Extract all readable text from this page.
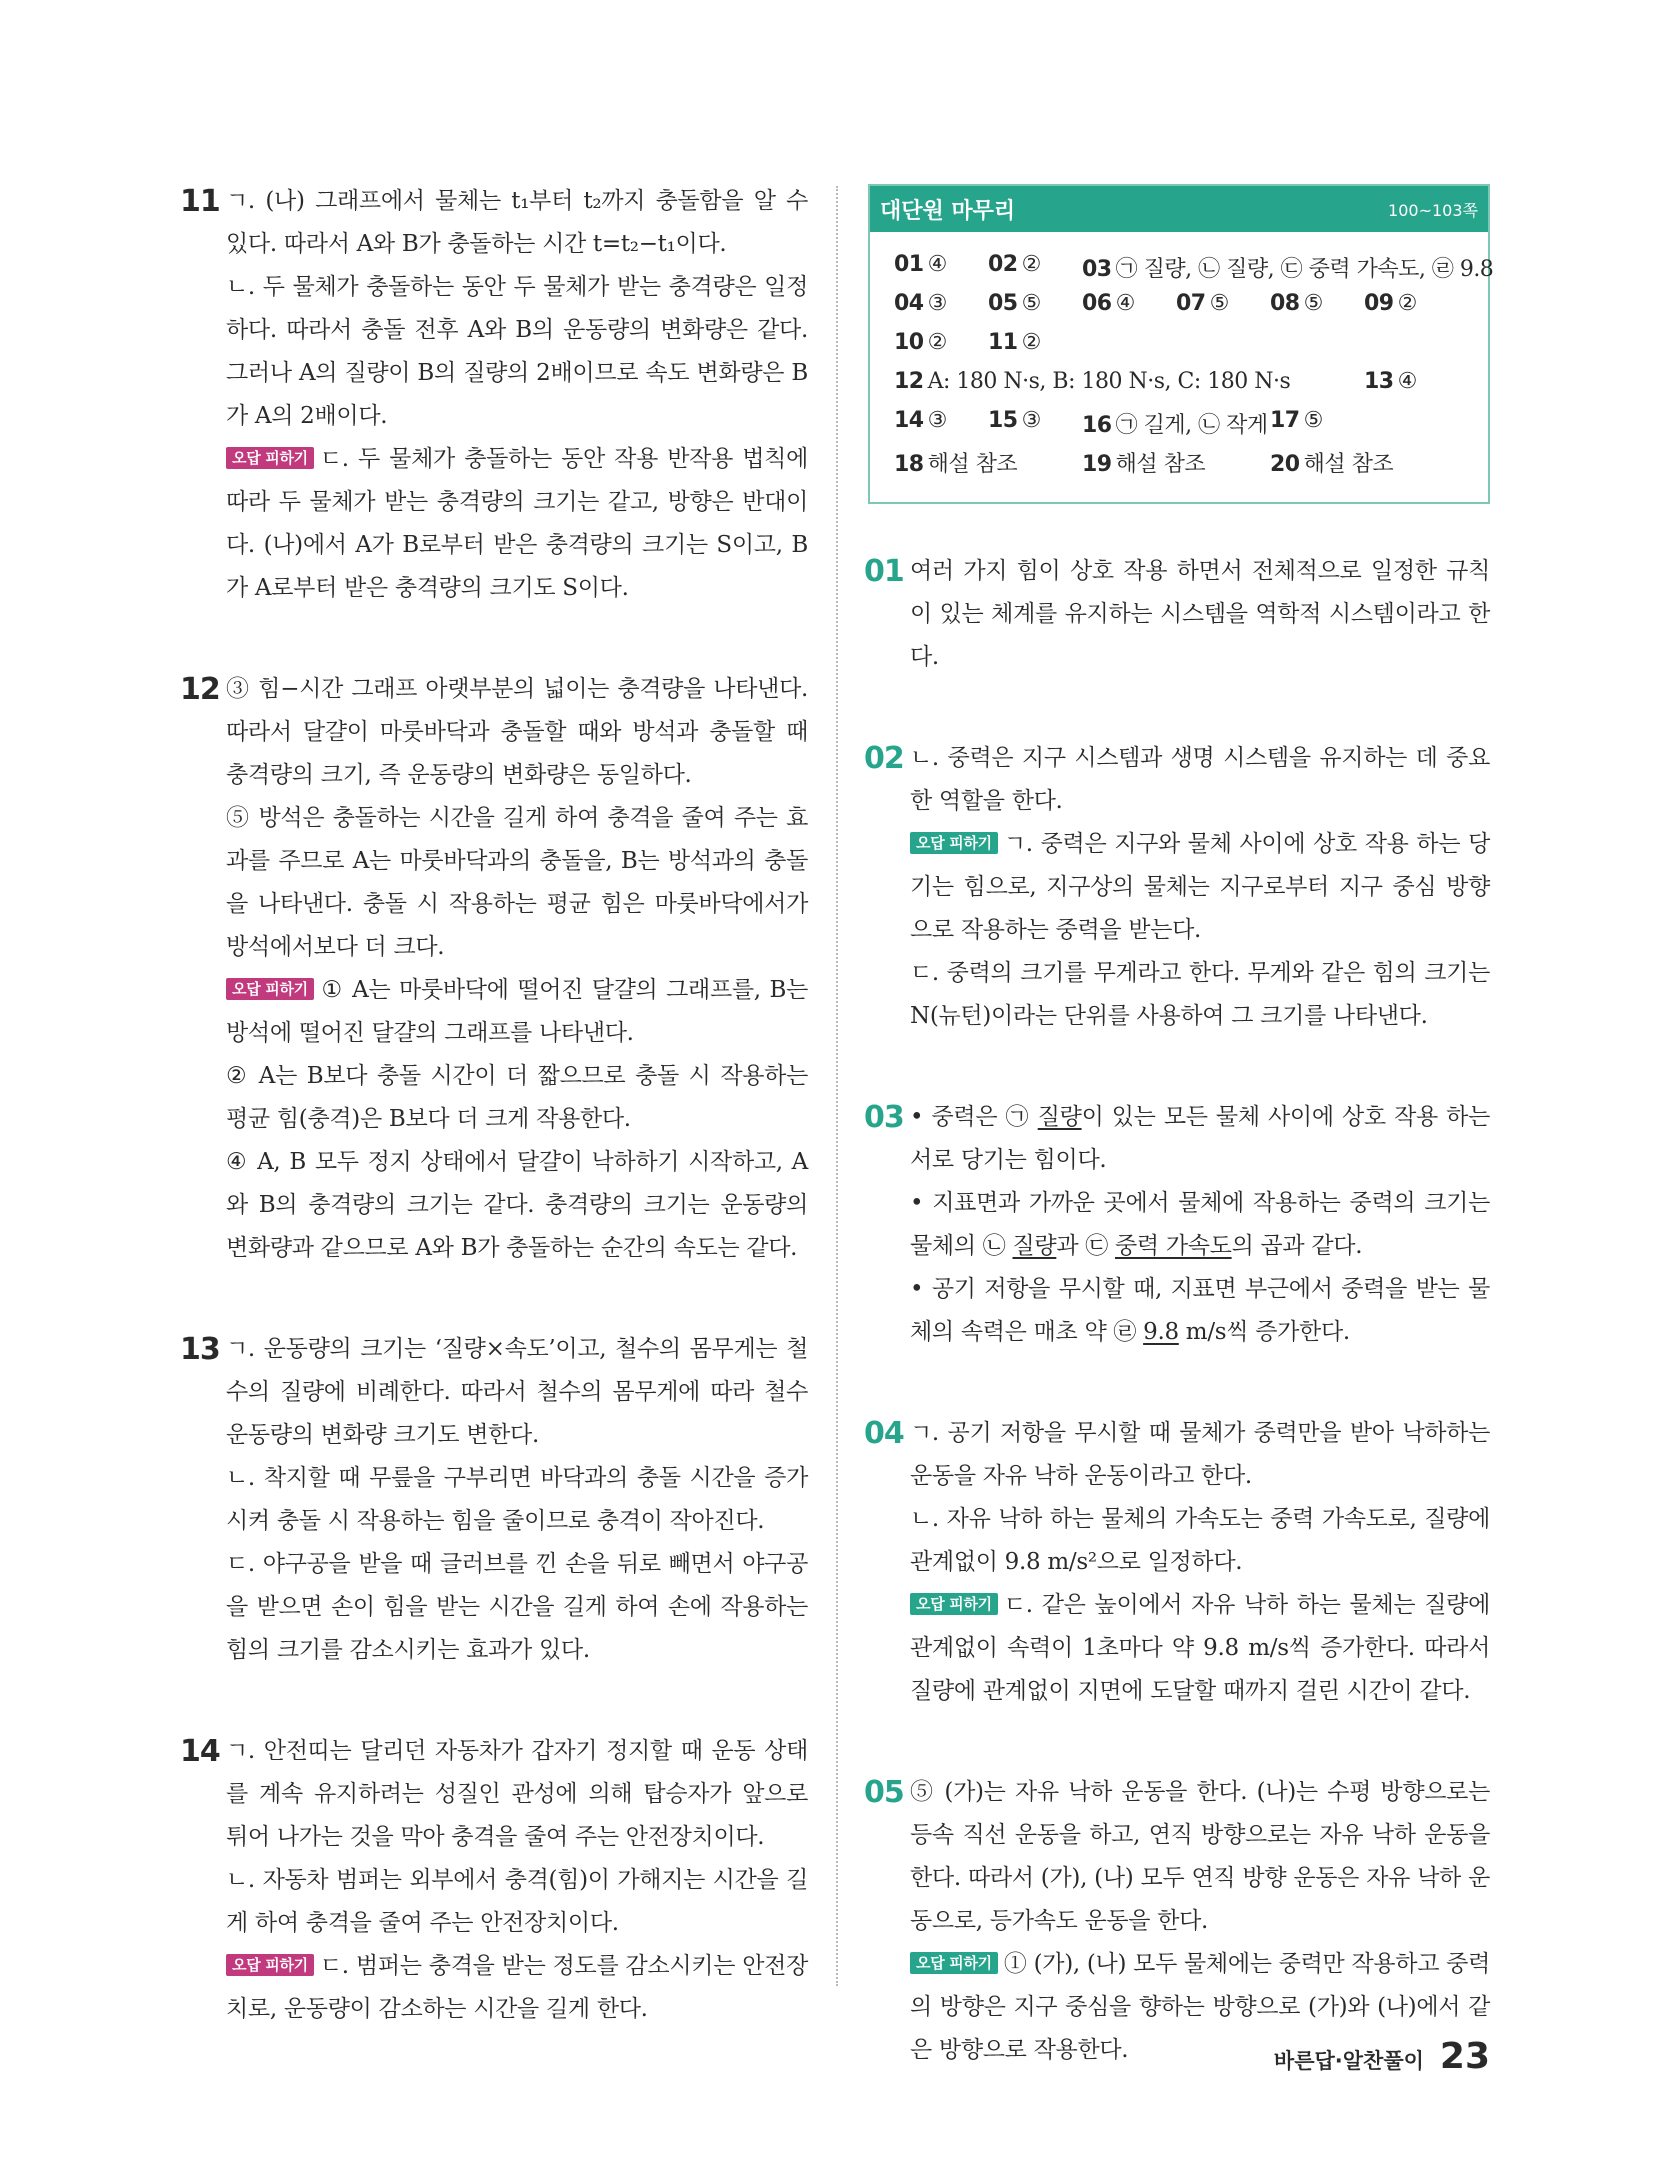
11 ㄱ. (나) 그래프에서 물체는 t₁부터 t₂까지 충돌함을 알 수 있다. 따라서 A와 B가 충돌하는 시간 t=t₂−t₁이다.

ㄴ. 두 물체가 충돌하는 동안 두 물체가 받는 충격량은 일정하다. 따라서 충돌 전후 A와 B의 운동량의 변화량은 같다. 그러나 A의 질량이 B의 질량의 2배이므로 속도 변화량은 B가 A의 2배이다.

오답 피하기 ㄷ. 두 물체가 충돌하는 동안 작용 반작용 법칙에 따라 두 물체가 받는 충격량의 크기는 같고, 방향은 반대이다. (나)에서 A가 B로부터 받은 충격량의 크기는 S이고, B가 A로부터 받은 충격량의 크기도 S이다.

12 ③ 힘−시간 그래프 아랫부분의 넓이는 충격량을 나타낸다. 따라서 달걀이 마룻바닥과 충돌할 때와 방석과 충돌할 때 충격량의 크기, 즉 운동량의 변화량은 동일하다.

⑤ 방석은 충돌하는 시간을 길게 하여 충격을 줄여 주는 효과를 주므로 A는 마룻바닥과의 충돌을, B는 방석과의 충돌을 나타낸다. 충돌 시 작용하는 평균 힘은 마룻바닥에서가 방석에서보다 더 크다.

오답 피하기 ① A는 마룻바닥에 떨어진 달걀의 그래프를, B는 방석에 떨어진 달걀의 그래프를 나타낸다.

② A는 B보다 충돌 시간이 더 짧으므로 충돌 시 작용하는 평균 힘(충격)은 B보다 더 크게 작용한다.

④ A, B 모두 정지 상태에서 달걀이 낙하하기 시작하고, A와 B의 충격량의 크기는 같다. 충격량의 크기는 운동량의 변화량과 같으므로 A와 B가 충돌하는 순간의 속도는 같다.

13 ㄱ. 운동량의 크기는 ‘질량×속도’이고, 철수의 몸무게는 철수의 질량에 비례한다. 따라서 철수의 몸무게에 따라 철수 운동량의 변화량 크기도 변한다.

ㄴ. 착지할 때 무릎을 구부리면 바닥과의 충돌 시간을 증가시켜 충돌 시 작용하는 힘을 줄이므로 충격이 작아진다.

ㄷ. 야구공을 받을 때 글러브를 낀 손을 뒤로 빼면서 야구공을 받으면 손이 힘을 받는 시간을 길게 하여 손에 작용하는 힘의 크기를 감소시키는 효과가 있다.

14 ㄱ. 안전띠는 달리던 자동차가 갑자기 정지할 때 운동 상태를 계속 유지하려는 성질인 관성에 의해 탑승자가 앞으로 튀어 나가는 것을 막아 충격을 줄여 주는 안전장치이다.

ㄴ. 자동차 범퍼는 외부에서 충격(힘)이 가해지는 시간을 길게 하여 충격을 줄여 주는 안전장치이다.

오답 피하기 ㄷ. 범퍼는 충격을 받는 정도를 감소시키는 안전장치로, 운동량이 감소하는 시간을 길게 한다.

대단원 마무리	100~103쪽
01 ④ 02 ② 03 ㉠ 질량, ㉡ 질량, ㉢ 중력 가속도, ㉣ 9.8
04 ③ 05 ⑤ 06 ④ 07 ⑤ 08 ⑤ 09 ②
10 ② 11 ②
12 A: 180 N·s, B: 180 N·s, C: 180 N·s	13 ④
14 ③ 15 ③ 16 ㉠ 길게, ㉡ 작게 17 ⑤
18 해설 참조	19 해설 참조	20 해설 참조
01 여러 가지 힘이 상호 작용 하면서 전체적으로 일정한 규칙이 있는 체계를 유지하는 시스템을 역학적 시스템이라고 한다.

02 ㄴ. 중력은 지구 시스템과 생명 시스템을 유지하는 데 중요한 역할을 한다.

오답 피하기 ㄱ. 중력은 지구와 물체 사이에 상호 작용 하는 당기는 힘으로, 지구상의 물체는 지구로부터 지구 중심 방향으로 작용하는 중력을 받는다.

ㄷ. 중력의 크기를 무게라고 한다. 무게와 같은 힘의 크기는 N(뉴턴)이라는 단위를 사용하여 그 크기를 나타낸다.

03 • 중력은 ㉠ 질량이 있는 모든 물체 사이에 상호 작용 하는 서로 당기는 힘이다.

• 지표면과 가까운 곳에서 물체에 작용하는 중력의 크기는 물체의 ㉡ 질량과 ㉢ 중력 가속도의 곱과 같다.

• 공기 저항을 무시할 때, 지표면 부근에서 중력을 받는 물체의 속력은 매초 약 ㉣ 9.8 m/s씩 증가한다.

04 ㄱ. 공기 저항을 무시할 때 물체가 중력만을 받아 낙하하는 운동을 자유 낙하 운동이라고 한다.

ㄴ. 자유 낙하 하는 물체의 가속도는 중력 가속도로, 질량에 관계없이 9.8 m/s²으로 일정하다.

오답 피하기 ㄷ. 같은 높이에서 자유 낙하 하는 물체는 질량에 관계없이 속력이 1초마다 약 9.8 m/s씩 증가한다. 따라서 질량에 관계없이 지면에 도달할 때까지 걸린 시간이 같다.

05 ⑤ (가)는 자유 낙하 운동을 한다. (나)는 수평 방향으로는 등속 직선 운동을 하고, 연직 방향으로는 자유 낙하 운동을 한다. 따라서 (가), (나) 모두 연직 방향 운동은 자유 낙하 운동으로, 등가속도 운동을 한다.

오답 피하기 ① (가), (나) 모두 물체에는 중력만 작용하고 중력의 방향은 지구 중심을 향하는 방향으로 (가)와 (나)에서 같은 방향으로 작용한다.	바른답·알찬풀이 23
